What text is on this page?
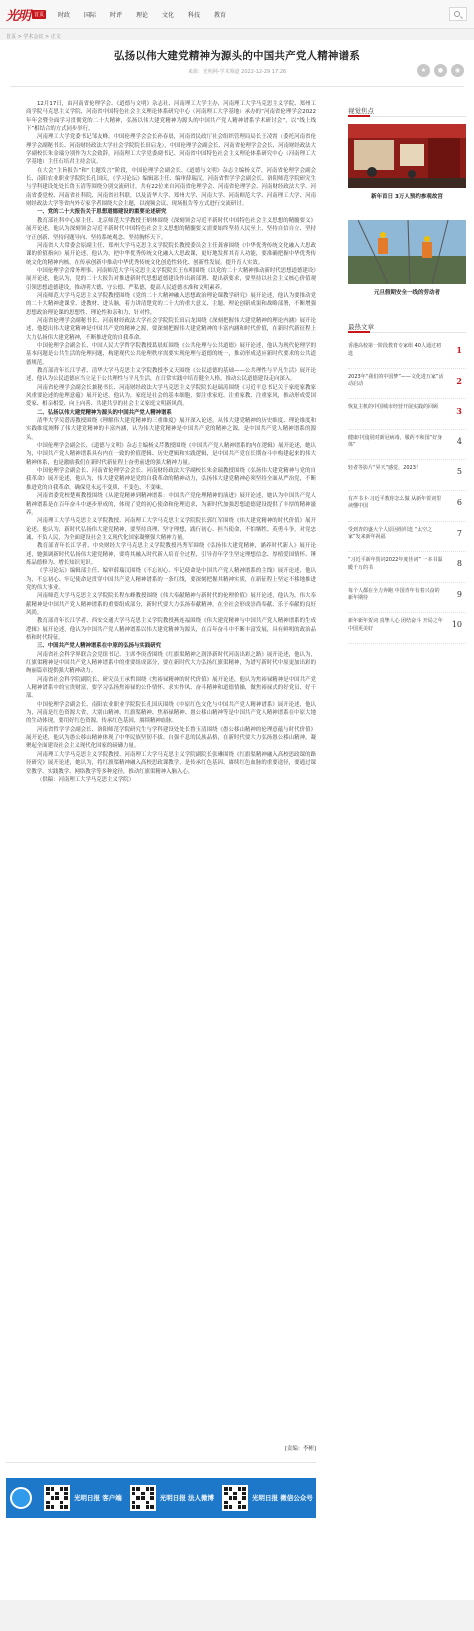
光明 首页	时政	国际	时评	理论	文化	科技	教育
首页 > 学术会议 > 正文
弘扬以伟大建党精神为源头的中国共产党人精神谱系
来源：光明网-学术频道 2022-12-29 17:26	★	●	◉

12月17日，由河南省伦理学会、《道德与文明》杂志社、河南理工大学主办，河南理工大学马克思主义学院、郑州工商学院马克思主义学院、河南省中国特色社会主义理论体系研究中心（河南理工大学基地）承办的“河南省伦理学会2022年年会暨全面学习贯彻党的二十大精神，弘扬以伟大建党精神为源头的中国共产党人精神谱系学术研讨会”，以“线上线下”相结合的方式同步举行。

河南理工大学党委书记邹友峰，中国伦理学会会长孙春晨，河南省民政厅社会组织管理局局长王凌霄（委托河南省伦理学会副秘书长、河南财经政法大学社会学院院长田启龙），中国伦理学会副会长、河南省伦理学会会长、河南财经政法大学副校长朱金瑞分别作为大会致辞。河南理工大学党委副书记、河南省中国特色社会主义理论体系研究中心（河南理工大学基地）主任石培君主持会议。

在大会“主旨报告”和“主题发言”阶段，中国伦理学会副会长、《道德与文明》杂志主编杨义芹，河南省伦理学会副会长、南阳农业职业学院院长孔国庆，《学习论坛》编辑部主任、编审薛瑞汉，河南省哲学学会副会长、洛阳师范学院研究生与学科建设处处长鲁玉清等围绕分别交流研讨。共有22位来自河南省伦理学会、河南省伦理学会、河南财经政法大学、河南省委党校、河南省社科院、河南省社科联，以及清华大学、郑州大学、河南大学、河南师范大学、河南理工大学、河南财经政法大学等省内外专家学者围绕大会主题，以视频会议、现场报告等方式进行交流研讨。

一、党的二十大报告关于思想道德建设的重要论述研究

教育部社科中心原主任、北京师范大学教授王炳林围绕《深刻领会习近平新时代中国特色社会主义思想的精髓要义》展开论述，他认为深刻领会习近平新时代中国特色社会主义思想的精髓要义需要始终坚持人民至上、坚持自信自立、坚持守正创新、坚持问题导向、坚持系统观念、坚持胸怀天下。

河南省人大常委会原副主任、郑州大学马克思主义学院院长教授委员会主任龚睿围绕《中华优秀传统文化融入大思政课的价值指向》展开论述，他认为，把中华优秀传统文化融入大思政课，更好地发挥其育人功能，要准确把握中华优秀传统文化的精神内核，在传承创新中推动中华优秀传统文化创造性转化、创新性发展，提升育人实效。

中国伦理学会常务理事、河南师范大学马克思主义学院院长王东明围绕《以党的二十大精神推动新时代思想道德建设》展开论述，他认为，党的二十大报告对推进新时代思想道德建设作出新部署、提出新要求，要坚持以社会主义核心价值观引领思想道德建设，推动明大德、守公德、严私德，提高人民道德水准和文明素养。

河南师范大学马克思主义学院教授围绕《党的二十大精神融入思想政治理论课教学研究》展开论述，他认为要推动党的二十大精神进课堂、进教材、进头脑，着力讲清楚党的二十大的重大意义、主题、理论创新成果和战略部署，不断增强思想政治理论课的思想性、理论性和亲和力、针对性。

河南省伦理学会副秘书长、河南财经政法大学社会学院院长田启龙围绕《深刻把握伟大建党精神的理论内涵》展开论述，他提出伟大建党精神是中国共产党的精神之源，要深刻把握伟大建党精神的丰富内涵和时代价值，在新时代新征程上大力弘扬伟大建党精神，不断推进党的自我革命。

中国伦理学会副会长、中国人民大学哲学院教授葛晨虹围绕《公共伦理与公共道德》展开论述，他认为现代伦理学的基本问题是公共生活的伦理问题，构建现代公共伦理秩序需要实现伦理与道德的统一，推动形成适应新时代要求的公共道德规范。

教育部青年长江学者、清华大学马克思主义学院教授李义天围绕《公民道德的基础——公共理性与平凡生活》展开论述，他认为公民道德应当立足于公共理性与平凡生活，在日常实践中培育健全人格，推动公民道德建设走向深入。

河南省伦理学会副会长兼秘书长、河南财经政法大学马克思主义学院院长赵瑞涛围绕《习近平总书记关于家庭家教家风重要论述的伦理意蕴》展开论述，他认为，家庭是社会的基本细胞，要注重家庭、注重家教、注重家风，推动形成爱国爱家、相亲相爱、向上向善、共建共享的社会主义家庭文明新风尚。

二、弘扬以伟大建党精神为源头的中国共产党人精神谱系

清华大学吴潜涛教授围绕《理解伟大建党精神的三重维度》展开深入论述，从伟大建党精神的历史维度、理论维度和实践维度阐释了伟大建党精神的丰富内涵，认为伟大建党精神是中国共产党的精神之源，是中国共产党人精神谱系的源头。

中国伦理学会副会长、《道德与文明》杂志主编杨义芹教授围绕《中国共产党人精神谱系的内在逻辑》展开论述，她认为，中国共产党人精神谱系具有内在一致的价值逻辑、历史逻辑和实践逻辑，是中国共产党在长期奋斗中构建起来的伟大精神体系，也是激励我们在新时代新征程上奋勇前进的强大精神力量。

中国伦理学会副会长、河南省伦理学会会长、河南财经政法大学副校长朱金瑞教授围绕《弘扬伟大建党精神与党的自我革命》展开论述，他认为，伟大建党精神是党的自我革命的精神动力，弘扬伟大建党精神必须坚持全面从严治党，不断推进党的自我革命，确保党永远不变质、不变色、不变味。

河南省委党校楚爽教授围绕《从建党精神到精神谱系：中国共产党伦理精神的演进》展开论述，她认为中国共产党人精神谱系是在百年奋斗中逐步形成的，体现了党的初心使命和伦理追求，为新时代加强思想道德建设提供了丰厚的精神滋养。

河南理工大学马克思主义学院教授、河南理工大学马克思主义学院院长郭红军围绕《伟大建党精神的时代价值》展开论述，他认为，新时代弘扬伟大建党精神，要坚持真理、坚守理想，践行初心、担当使命，不怕牺牲、英勇斗争，对党忠诚、不负人民，为全面建设社会主义现代化国家凝聚强大精神力量。

教育部青年长江学者、中央财经大学马克思主义学院教授冯秀军围绕《弘扬伟大建党精神，涵养时代新人》展开论述，她强调新时代弘扬伟大建党精神，要将其融入时代新人培育全过程，引导青年学生坚定理想信念、厚植爱国情怀、锤炼品德修为、增长知识见识。

《学习论坛》编辑部主任、编审薛瑞汉围绕《不忘初心、牢记使命是中国共产党人精神谱系的主线》展开论述，他认为，不忘初心、牢记使命是贯穿中国共产党人精神谱系的一条红线，要深刻把握其精神实质，在新征程上坚定不移地推进党的伟大事业。

河南师范大学马克思主义学院院长程东峰教授围绕《伟大奉献精神与新时代的伦理价值》展开论述，他认为，伟大奉献精神是中国共产党人精神谱系的重要组成部分，新时代要大力弘扬奉献精神，在全社会形成崇尚奉献、乐于奉献的良好风尚。

教育部青年长江学者、西安交通大学马克思主义学院教授燕连福围绕《伟大建党精神与中国共产党人精神谱系的生成逻辑》展开论述，他认为中国共产党人精神谱系以伟大建党精神为源头，在百年奋斗中不断丰富发展，具有鲜明的政治品格和时代特征。

三、中国共产党人精神谱系在中原的弘扬与实践研究

河南省社会科学界联合会党组书记、主席李庚香围绕《红旗渠精神之润泽新时代河南出彩之路》展开论述，他认为，红旗渠精神是中国共产党人精神谱系中的重要组成部分，要在新时代大力弘扬红旗渠精神，为谱写新时代中原更加出彩的绚丽篇章提供强大精神动力。

河南省社会科学院副院长、研究员王承哲围绕《焦裕禄精神的时代价值》展开论述，他认为焦裕禄精神是中国共产党人精神谱系中的宝贵财富，要学习弘扬焦裕禄的公仆情怀、求实作风、奋斗精神和道德情操，做焦裕禄式的好党员、好干部。

中国伦理学会副会长、南阳农业职业学院院长孔国庆围绕《中原红色文化与中国共产党人精神谱系》展开论述，他认为，河南是红色资源大省，大别山精神、红旗渠精神、焦裕禄精神、愚公移山精神等是中国共产党人精神谱系在中原大地的生动体现，要用好红色资源，传承红色基因，赓续精神血脉。

河南省哲学学会副会长、洛阳师范学院研究生与学科建设处处长鲁玉清围绕《愚公移山精神的伦理意蕴与时代价值》展开论述，他认为愚公移山精神体现了中华民族坚韧不拔、自强不息的民族品格，在新时代要大力弘扬愚公移山精神，凝聚起全面建设社会主义现代化国家的磅礴力量。

河南理工大学马克思主义学院教授、河南理工大学马克思主义学院副院长张琳围绕《红旗渠精神融入高校思政课的路径研究》展开论述，她认为，将红旗渠精神融入高校思政课教学，是传承红色基因、赓续红色血脉的重要途径，要通过课堂教学、实践教学、网络教学等多种途径，推动红旗渠精神入脑入心。

（供稿：河南理工大学马克思主义学院）

[责编：李彬]
光明日报 客户端	光明日报 法人微博	光明日报 微信公众号
视觉焦点
新年首日 3万人预约参观故宫
元旦假期安全一线的劳动者
最热文章
香港高校第一阶段教育专家组 40人通过初选	1
2023年“我们的中国梦”——文化进万家”活动启动	2
恢复主机的中国城市经营开展实践的回顾	3
健康中国|别对新冠病毒，服药不和国“好身体”	4
轻者等影片“昇天”感觉，2023！	5
有声书卡·习近平教你怎么做 从新年贺词里读懂中国	6
受到青的盛大个人原因组织选 “太空之家”发来新年祝福	7
“习近平新年贺词2022年度佳词” 一本书温暖千万的书	8
每个人都在全力奔跑 中国青年有着兴奋的新年期待	9
新年新年贺词 真挚人心 团结奋斗 开局之年 中国更美好	10
